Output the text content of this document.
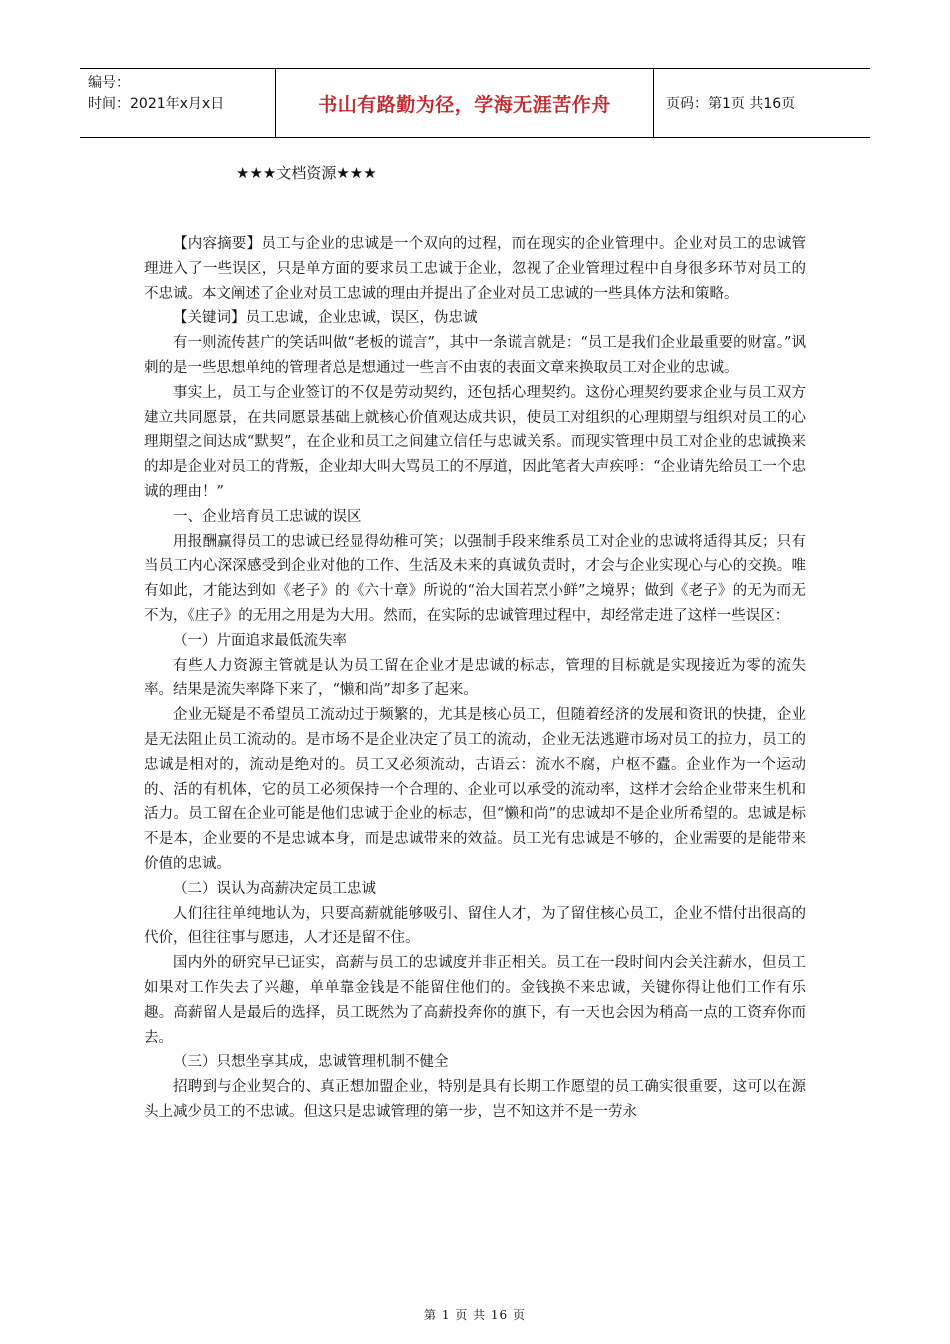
编号：
时间：2021年x月x日	书山有路勤为径，学海无涯苦作舟	页码：第1页 共16页
★★★文档资源★★★

【内容摘要】员工与企业的忠诚是一个双向的过程，而在现实的企业管理中。企业对员工的忠诚管理进入了一些误区，只是单方面的要求员工忠诚于企业，忽视了企业管理过程中自身很多环节对员工的不忠诚。本文阐述了企业对员工忠诚的理由并提出了企业对员工忠诚的一些具体方法和策略。

【关键词】员工忠诚，企业忠诚，误区，伪忠诚

有一则流传甚广的笑话叫做“老板的谎言”，其中一条谎言就是：“员工是我们企业最重要的财富。”讽刺的是一些思想单纯的管理者总是想通过一些言不由衷的表面文章来换取员工对企业的忠诚。

事实上，员工与企业签订的不仅是劳动契约，还包括心理契约。这份心理契约要求企业与员工双方建立共同愿景，在共同愿景基础上就核心价值观达成共识，使员工对组织的心理期望与组织对员工的心理期望之间达成“默契”，在企业和员工之间建立信任与忠诚关系。而现实管理中员工对企业的忠诚换来的却是企业对员工的背叛，企业却大叫大骂员工的不厚道，因此笔者大声疾呼：“企业请先给员工一个忠诚的理由！”

一、企业培育员工忠诚的误区

用报酬赢得员工的忠诚已经显得幼稚可笑；以强制手段来维系员工对企业的忠诚将适得其反；只有当员工内心深深感受到企业对他的工作、生活及未来的真诚负责时，才会与企业实现心与心的交换。唯有如此，才能达到如《老子》的《六十章》所说的“治大国若烹小鲜”之境界；做到《老子》的无为而无不为，《庄子》的无用之用是为大用。然而，在实际的忠诚管理过程中，却经常走进了这样一些误区：

（一）片面追求最低流失率

有些人力资源主管就是认为员工留在企业才是忠诚的标志，管理的目标就是实现接近为零的流失率。结果是流失率降下来了，“懒和尚”却多了起来。

企业无疑是不希望员工流动过于频繁的，尤其是核心员工，但随着经济的发展和资讯的快捷，企业是无法阻止员工流动的。是市场不是企业决定了员工的流动，企业无法逃避市场对员工的拉力，员工的忠诚是相对的，流动是绝对的。员工又必须流动，古语云：流水不腐，户枢不蠹。企业作为一个运动的、活的有机体，它的员工必须保持一个合理的、企业可以承受的流动率，这样才会给企业带来生机和活力。员工留在企业可能是他们忠诚于企业的标志，但“懒和尚”的忠诚却不是企业所希望的。忠诚是标不是本，企业要的不是忠诚本身，而是忠诚带来的效益。员工光有忠诚是不够的，企业需要的是能带来价值的忠诚。

（二）误认为高薪决定员工忠诚

人们往往单纯地认为，只要高薪就能够吸引、留住人才，为了留住核心员工，企业不惜付出很高的代价，但往往事与愿违，人才还是留不住。

国内外的研究早已证实，高薪与员工的忠诚度并非正相关。员工在一段时间内会关注薪水，但员工如果对工作失去了兴趣，单单靠金钱是不能留住他们的。金钱换不来忠诚，关键你得让他们工作有乐趣。高薪留人是最后的选择，员工既然为了高薪投奔你的旗下，有一天也会因为稍高一点的工资弃你而去。

（三）只想坐享其成，忠诚管理机制不健全

招聘到与企业契合的、真正想加盟企业，特别是具有长期工作愿望的员工确实很重要，这可以在源头上减少员工的不忠诚。但这只是忠诚管理的第一步，岂不知这并不是一劳永

第 1 页 共 16 页
